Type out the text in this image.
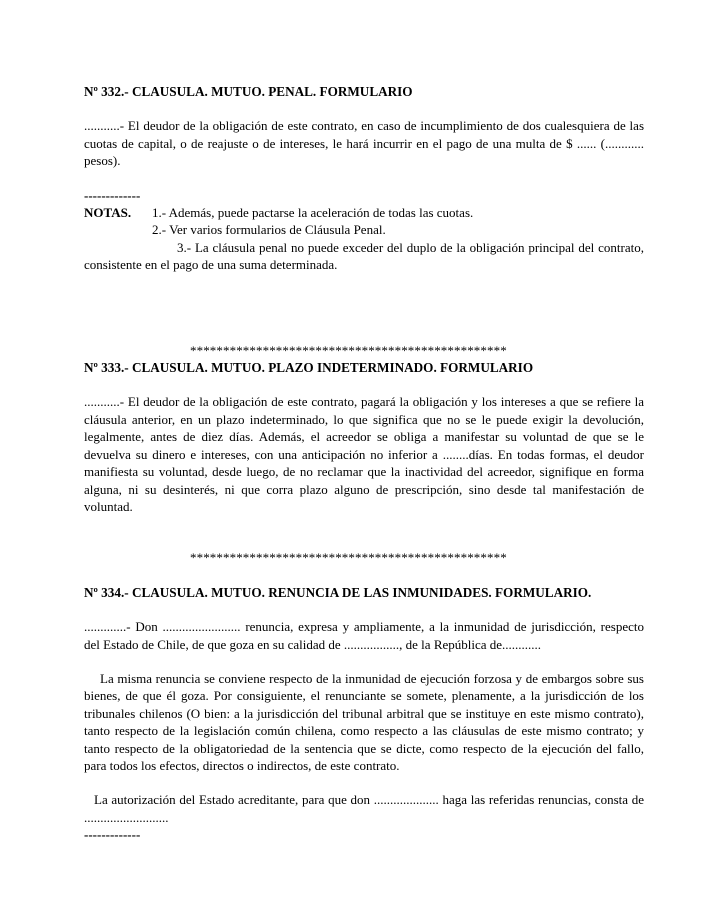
Nº 332.- CLAUSULA. MUTUO. PENAL. FORMULARIO

...........- El deudor de la obligación de este contrato, en caso de incumplimiento de dos cualesquiera de las cuotas de capital, o de reajuste o de intereses, le hará incurrir en el pago de una multa de $ ...... (............ pesos).

-------------

NOTAS.	1.- Además, puede pactarse la aceleración de todas las cuotas.
2.- Ver varios formularios de Cláusula Penal.
3.- La cláusula penal no puede exceder del duplo de la obligación principal del contrato, consistente en el pago de una suma determinada.

************************************************

Nº 333.- CLAUSULA. MUTUO. PLAZO INDETERMINADO. FORMULARIO

...........- El deudor de la obligación de este contrato, pagará la obligación y los intereses a que se refiere la cláusula anterior, en un plazo indeterminado, lo que significa que no se le puede exigir la devolución, legalmente, antes de diez días. Además, el acreedor se obliga a manifestar su voluntad de que se le devuelva su dinero e intereses, con una anticipación no inferior a ........días. En todas formas, el deudor manifiesta su voluntad, desde luego, de no reclamar que la inactividad del acreedor, signifique en forma alguna, ni su desinterés, ni que corra plazo alguno de prescripción, sino desde tal manifestación de voluntad.

************************************************

Nº 334.- CLAUSULA. MUTUO. RENUNCIA DE LAS INMUNIDADES. FORMULARIO.

.............- Don ........................ renuncia, expresa y ampliamente, a la inmunidad de jurisdicción, respecto del Estado de Chile, de que goza en su calidad de ................., de la República de............

La misma renuncia se conviene respecto de la inmunidad de ejecución forzosa y de embargos sobre sus bienes, de que él goza. Por consiguiente, el renunciante se somete, plenamente, a la jurisdicción de los tribunales chilenos (O bien: a la jurisdicción del tribunal arbitral que se instituye en este mismo contrato), tanto respecto de la legislación común chilena, como respecto a las cláusulas de este mismo contrato; y tanto respecto de la obligatoriedad de la sentencia que se dicte, como respecto de la ejecución del fallo, para todos los efectos, directos o indirectos, de este contrato.

La autorización del Estado acreditante, para que don .................... haga las referidas renuncias, consta de ..........................

-------------
